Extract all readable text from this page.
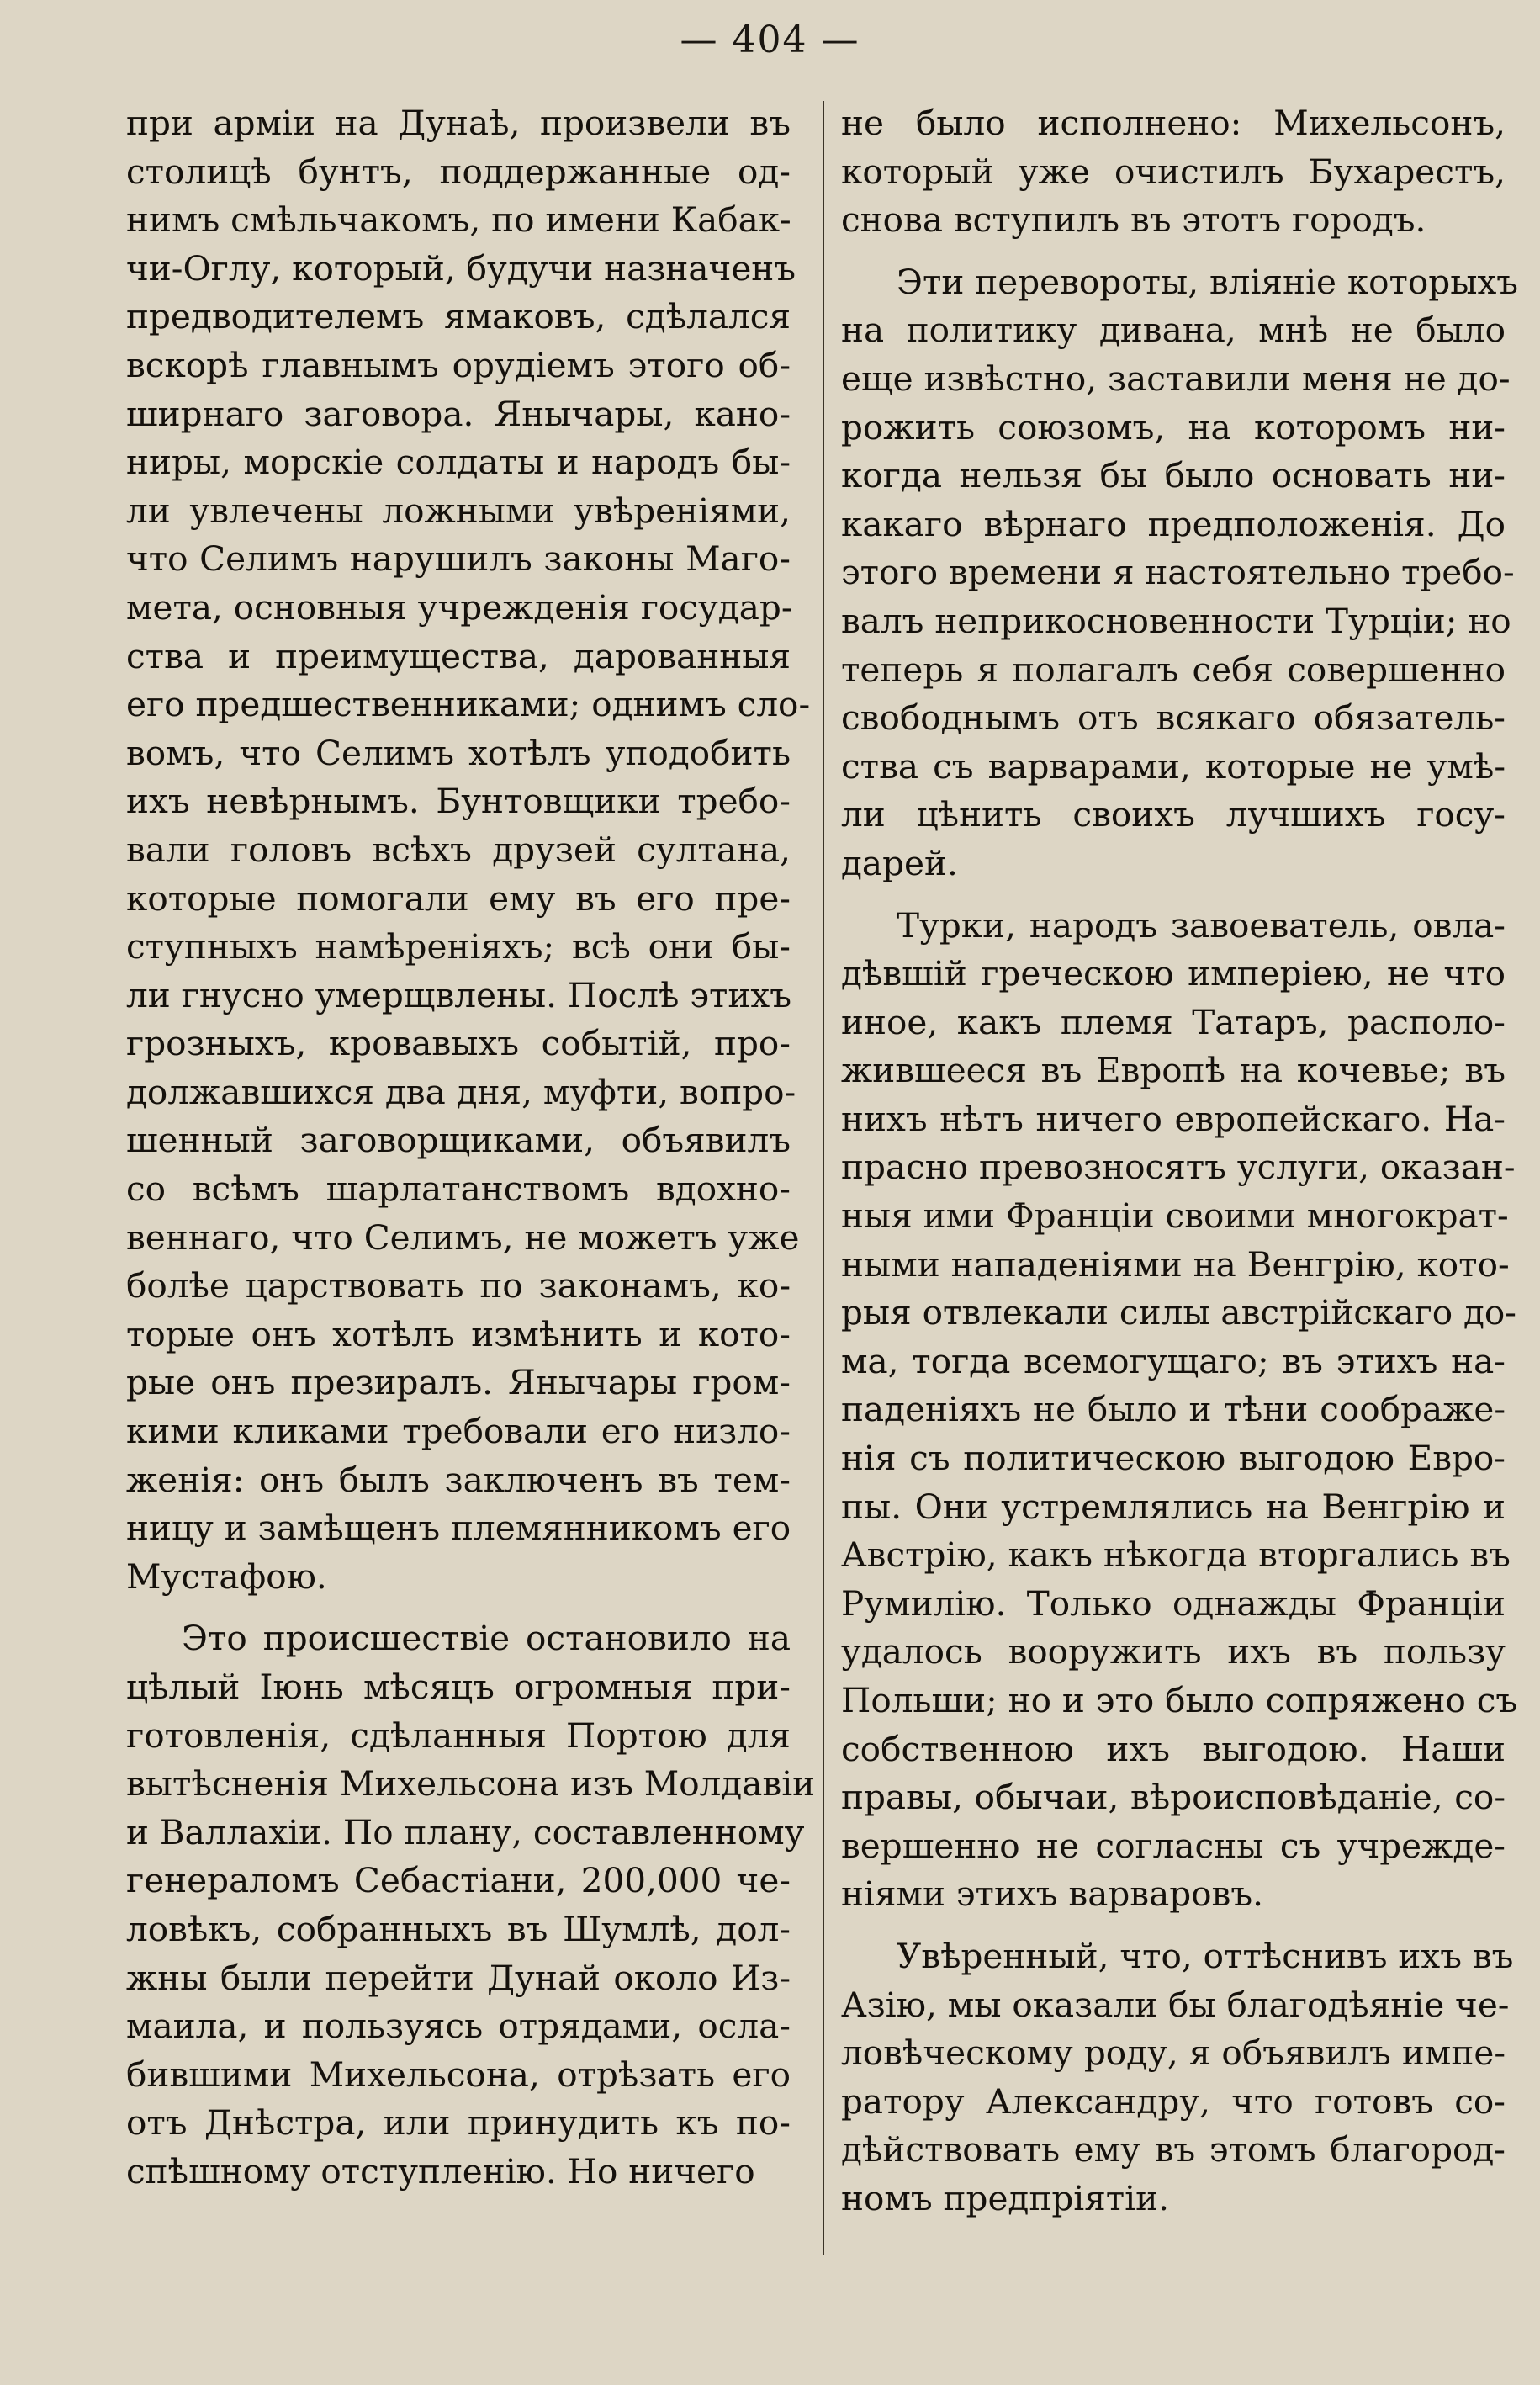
— 404 —
при арміи на Дунаѣ, произвели въ
столицѣ бунтъ, поддержанные од-
нимъ смѣльчакомъ, по имени Кабак-
чи-Оглу, который, будучи назначенъ
предводителемъ ямаковъ, сдѣлался
вскорѣ главнымъ орудіемъ этого об-
ширнаго заговора. Янычары, кано-
ниры, морскіе солдаты и народъ бы-
ли увлечены ложными увѣреніями,
что Селимъ нарушилъ законы Маго-
мета, основныя учрежденія государ-
ства и преимущества, дарованныя
его предшественниками; однимъ сло-
вомъ, что Селимъ хотѣлъ уподобить
ихъ невѣрнымъ. Бунтовщики требо-
вали головъ всѣхъ друзей султана,
которые помогали ему въ его пре-
ступныхъ намѣреніяхъ; всѣ они бы-
ли гнусно умерщвлены. Послѣ этихъ
грозныхъ, кровавыхъ событій, про-
должавшихся два дня, муфти, вопро-
шенный заговорщиками, объявилъ
со всѣмъ шарлатанствомъ вдохно-
веннаго, что Селимъ, не можетъ уже
болѣе царствовать по законамъ, ко-
торые онъ хотѣлъ измѣнить и кото-
рые онъ презиралъ. Янычары гром-
кими кликами требовали его низло-
женія: онъ былъ заключенъ въ тем-
ницу и замѣщенъ племянникомъ его
Мустафою.
Это происшествіе остановило на
цѣлый Іюнь мѣсяцъ огромныя при-
готовленія, сдѣланныя Портою для
вытѣсненія Михельсона изъ Молдавіи
и Валлахіи. По плану, составленному
генераломъ Себастіани, 200,000 че-
ловѣкъ, собранныхъ въ Шумлѣ, дол-
жны были перейти Дунай около Из-
маила, и пользуясь отрядами, осла-
бившими Михельсона, отрѣзать его
отъ Днѣстра, или принудить къ по-
спѣшному отступленію. Но ничего
не было исполнено: Михельсонъ,
который уже очистилъ Бухарестъ,
снова вступилъ въ этотъ городъ.
Эти перевороты, вліяніе которыхъ
на политику дивана, мнѣ не было
еще извѣстно, заставили меня не до-
рожить союзомъ, на которомъ ни-
когда нельзя бы было основать ни-
какаго вѣрнаго предположенія. До
этого времени я настоятельно требо-
валъ неприкосновенности Турціи; но
теперь я полагалъ себя совершенно
свободнымъ отъ всякаго обязатель-
ства съ варварами, которые не умѣ-
ли цѣнить своихъ лучшихъ госу-
дарей.
Турки, народъ завоеватель, овла-
дѣвшій греческою имперіею, не что
иное, какъ племя Татаръ, располо-
жившееся въ Европѣ на кочевье; въ
нихъ нѣтъ ничего европейскаго. На-
прасно превозносятъ услуги, оказан-
ныя ими Франціи своими многократ-
ными нападеніями на Венгрію, кото-
рыя отвлекали силы австрійскаго до-
ма, тогда всемогущаго; въ этихъ на-
паденіяхъ не было и тѣни соображе-
нія съ политическою выгодою Евро-
пы. Они устремлялись на Венгрію и
Австрію, какъ нѣкогда вторгались въ
Румилію. Только однажды Франціи
удалось вооружить ихъ въ пользу
Польши; но и это было сопряжено съ
собственною ихъ выгодою. Наши
правы, обычаи, вѣроисповѣданіе, со-
вершенно не согласны съ учрежде-
ніями этихъ варваровъ.
Увѣренный, что, оттѣснивъ ихъ въ
Азію, мы оказали бы благодѣяніе че-
ловѣческому роду, я объявилъ импе-
ратору Александру, что готовъ со-
дѣйствовать ему въ этомъ благород-
номъ предпріятіи.
